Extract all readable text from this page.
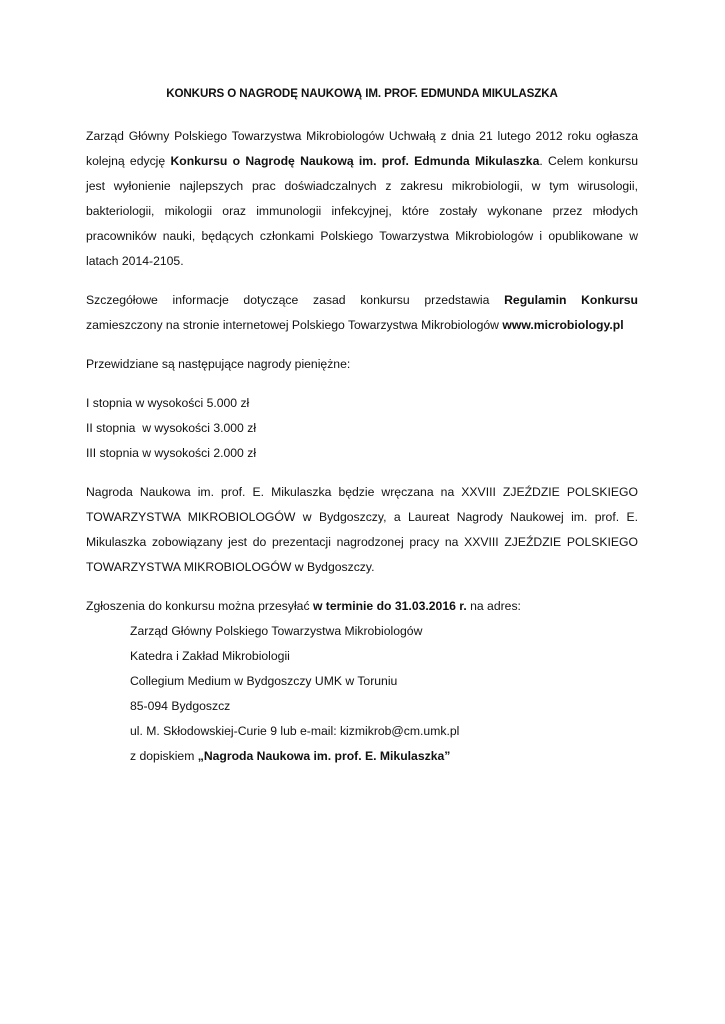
KONKURS O NAGRODĘ NAUKOWĄ IM. PROF. EDMUNDA MIKULASZKA

Zarząd Główny Polskiego Towarzystwa Mikrobiologów Uchwałą z dnia 21 lutego 2012 roku ogłasza kolejną edycję Konkursu o Nagrodę Naukową im. prof. Edmunda Mikulaszka. Celem konkursu jest wyłonienie najlepszych prac doświadczalnych z zakresu mikrobiologii, w tym wirusologii, bakteriologii, mikologii oraz immunologii infekcyjnej, które zostały wykonane przez młodych pracowników nauki, będących członkami Polskiego Towarzystwa Mikrobiologów i opublikowane w latach 2014-2105.

Szczegółowe informacje dotyczące zasad konkursu przedstawia Regulamin Konkursu zamieszczony na stronie internetowej Polskiego Towarzystwa Mikrobiologów www.microbiology.pl

Przewidziane są następujące nagrody pieniężne:

I stopnia w wysokości 5.000 zł
II stopnia  w wysokości 3.000 zł
III stopnia w wysokości 2.000 zł

Nagroda Naukowa im. prof. E. Mikulaszka będzie wręczana na XXVIII ZJEŹDZIE POLSKIEGO TOWARZYSTWA MIKROBIOLOGÓW w Bydgoszczy, a Laureat Nagrody Naukowej im. prof. E. Mikulaszka zobowiązany jest do prezentacji nagrodzonej pracy na XXVIII ZJEŹDZIE POLSKIEGO TOWARZYSTWA MIKROBIOLOGÓW w Bydgoszczy.

Zgłoszenia do konkursu można przesyłać w terminie do 31.03.2016 r. na adres:
Zarząd Główny Polskiego Towarzystwa Mikrobiologów
Katedra i Zakład Mikrobiologii
Collegium Medium w Bydgoszczy UMK w Toruniu
85-094 Bydgoszcz
ul. M. Skłodowskiej-Curie 9 lub e-mail: kizmikrob@cm.umk.pl
z dopiskiem „Nagroda Naukowa im. prof. E. Mikulaszka”
